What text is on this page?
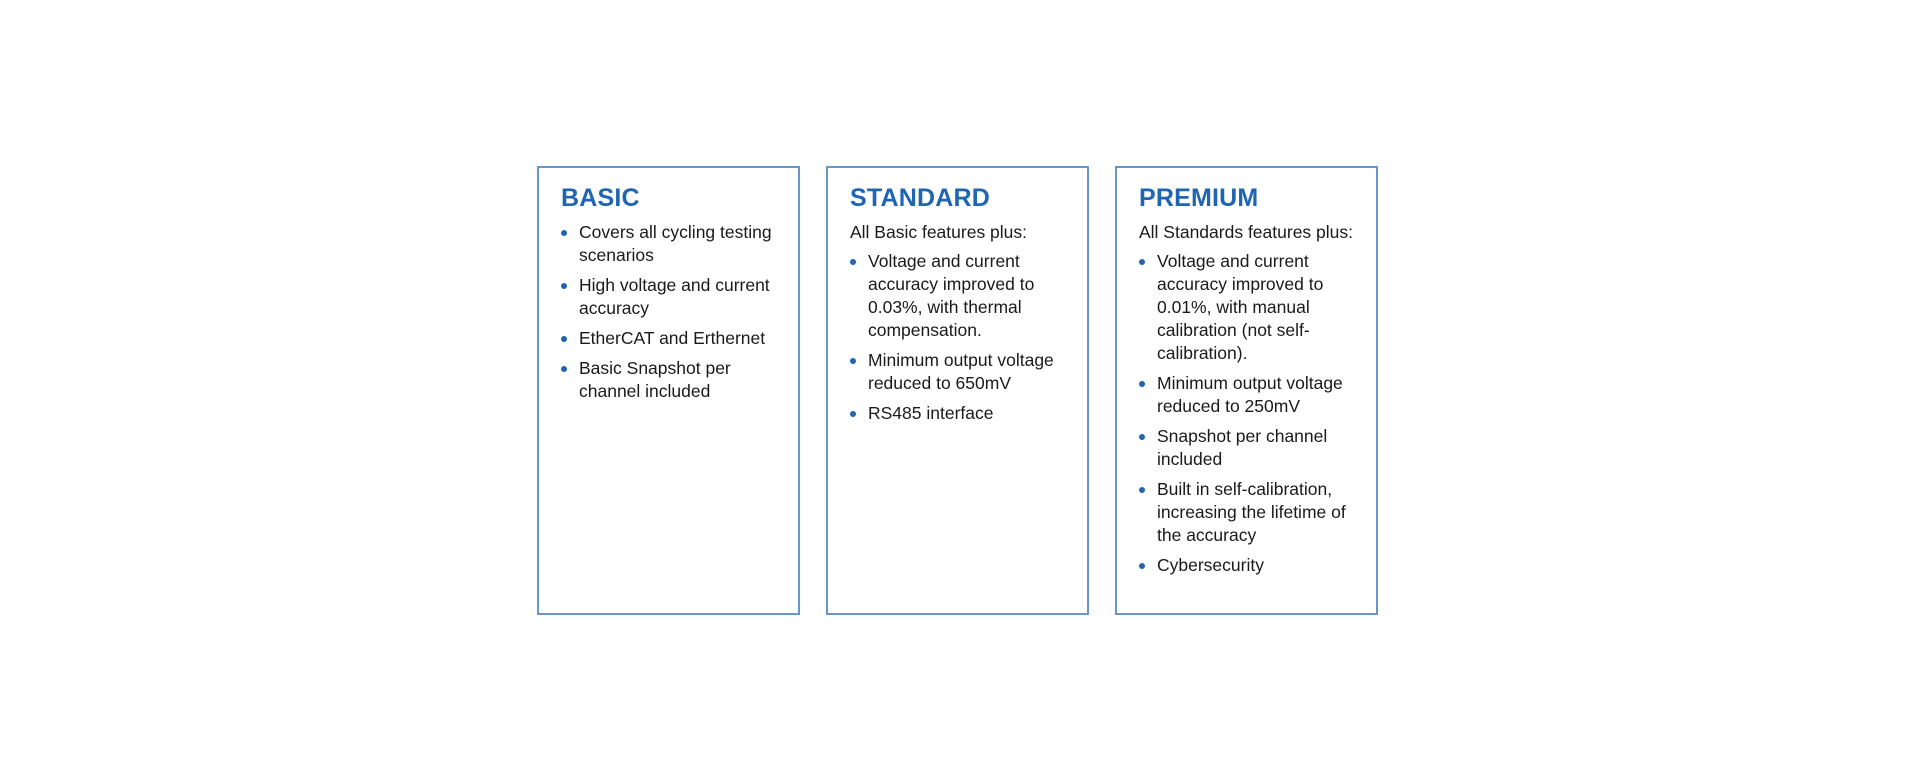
BASIC
Covers all cycling testing scenarios
High voltage and current accuracy
EtherCAT and Erthernet
Basic Snapshot per channel included
STANDARD

All Basic features plus:

Voltage and current accuracy improved to 0.03%, with thermal compensation.
Minimum output voltage reduced to 650mV
RS485 interface
PREMIUM

All Standards features plus:

Voltage and current accuracy improved to 0.01%, with manual calibration (not self-calibration).
Minimum output voltage reduced to 250mV
Snapshot per channel included
Built in self-calibration, increasing the lifetime of the accuracy
Cybersecurity
